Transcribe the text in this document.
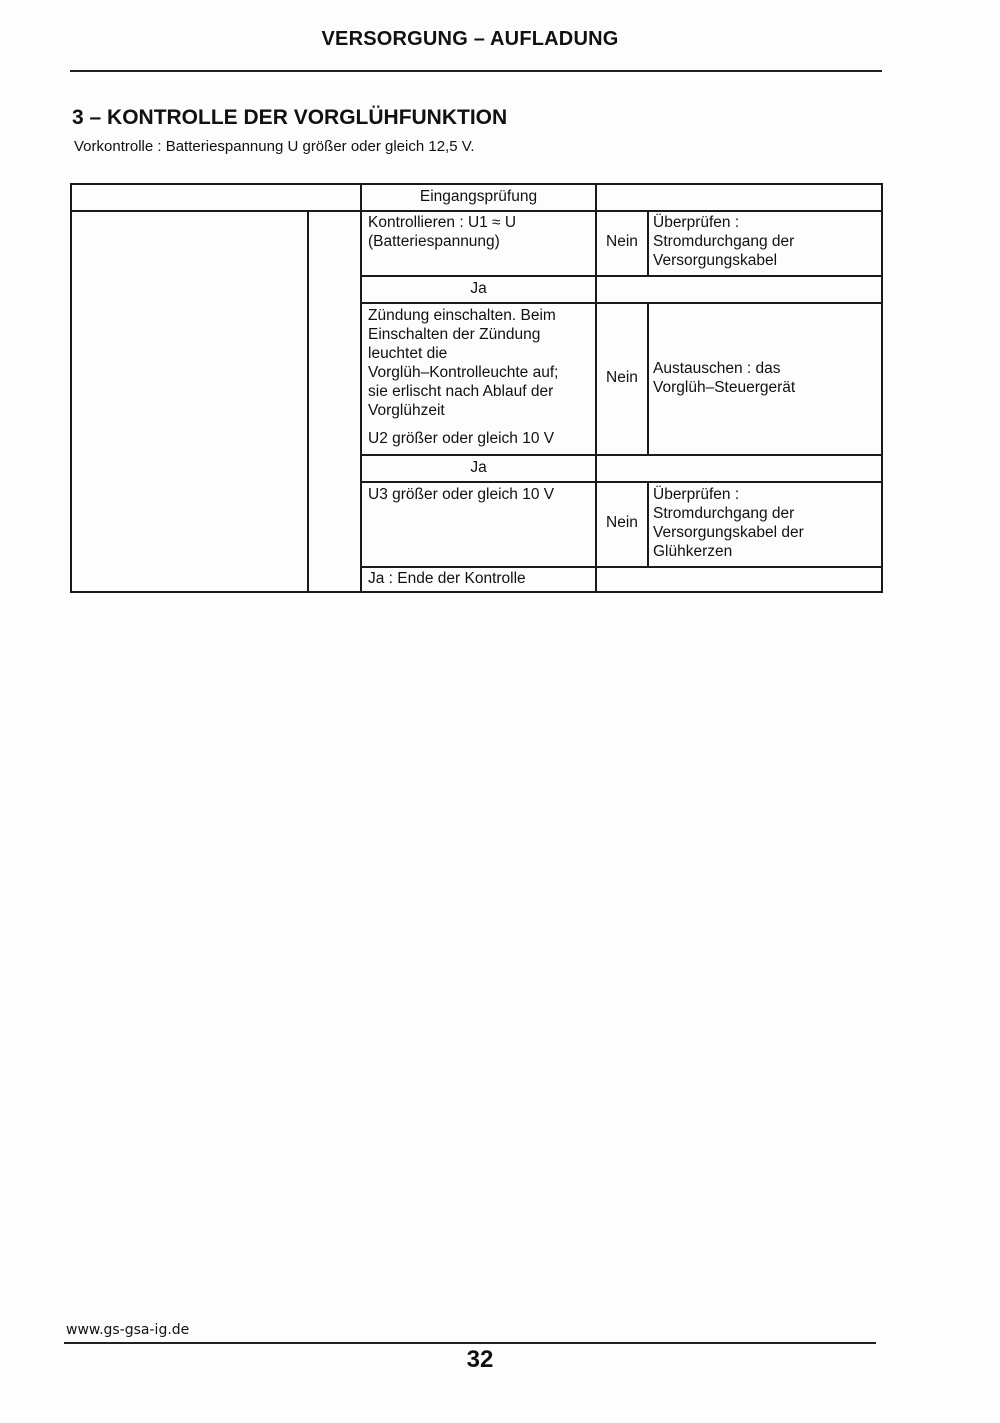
VERSORGUNG – AUFLADUNG
3 – KONTROLLE DER VORGLÜHFUNKTION
Vorkontrolle : Batteriespannung U größer oder gleich 12,5 V.
Eingangsprüfung
Kontrollieren : U1 ≈ U
(Batteriespannung)	Nein
Überprüfen :
Stromdurchgang der
Versorgungskabel
Ja
Zündung einschalten. Beim
Einschalten der Zündung
leuchtet die
Vorglüh–Kontrolleuchte auf;
sie erlischt nach Ablauf der
Vorglühzeit
U2 größer oder gleich 10 V
Nein
Austauschen : das
Vorglüh–Steuergerät
Ja
U3 größer oder gleich 10 V
Nein
Überprüfen :
Stromdurchgang der
Versorgungskabel der
Glühkerzen
Ja : Ende der Kontrolle
www.gs-gsa-ig.de
32
